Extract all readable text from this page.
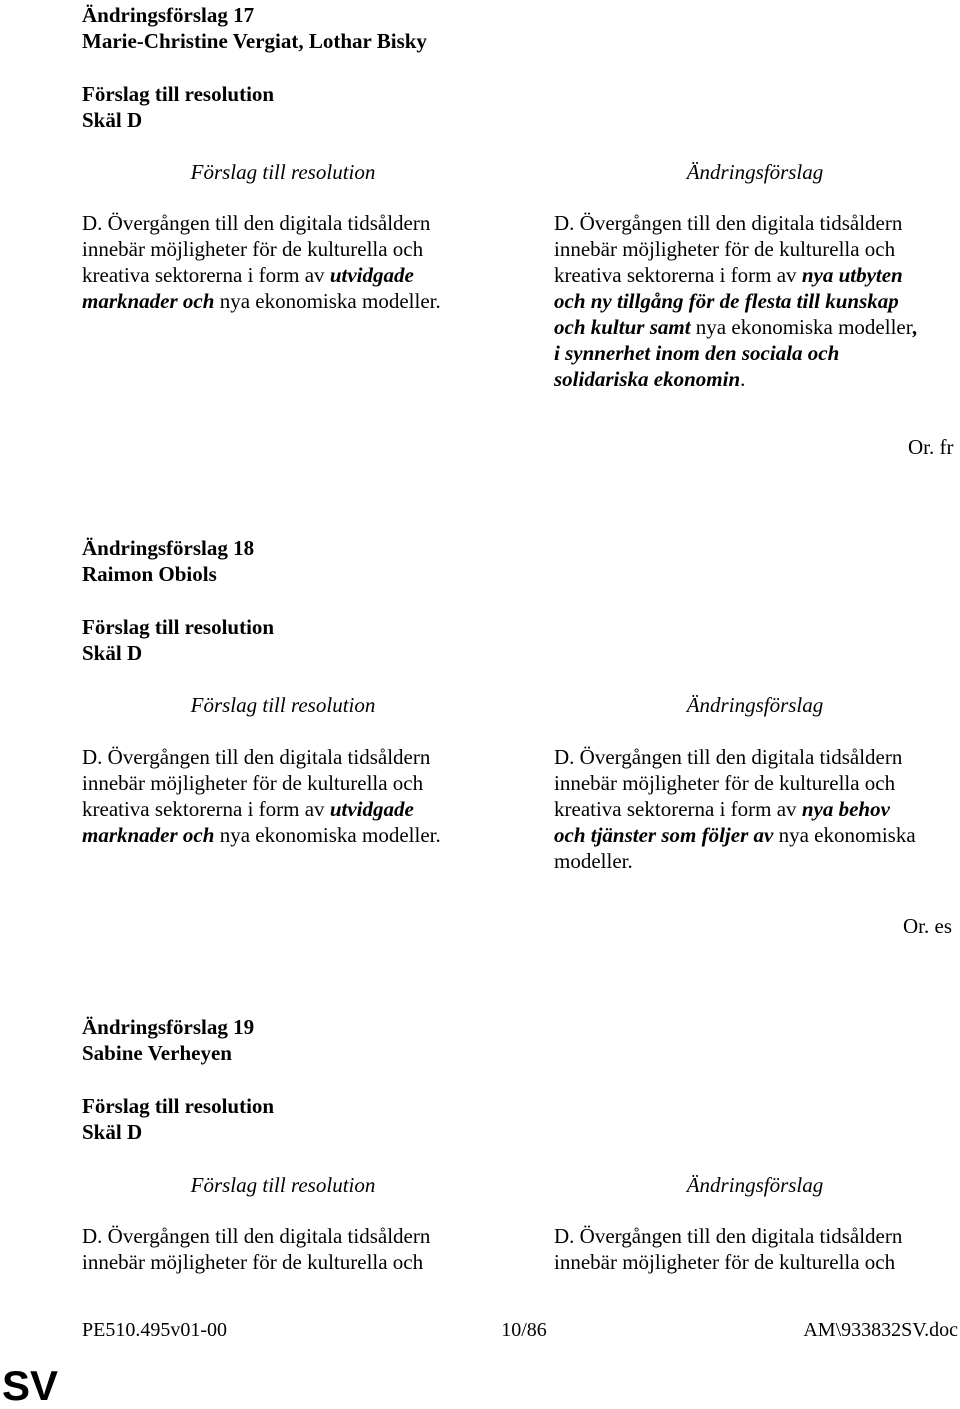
Ändringsförslag 17
Marie-Christine Vergiat, Lothar Bisky
Förslag till resolution
Skäl D
Förslag till resolution	Ändringsförslag
D. Övergången till den digitala tidsåldern
innebär möjligheter för de kulturella och
kreativa sektorerna i form av utvidgade
marknader och nya ekonomiska modeller.
D. Övergången till den digitala tidsåldern
innebär möjligheter för de kulturella och
kreativa sektorerna i form av nya utbyten
och ny tillgång för de flesta till kunskap
och kultur samt nya ekonomiska modeller,
i synnerhet inom den sociala och
solidariska ekonomin.
Or. fr
Ändringsförslag 18
Raimon Obiols
Förslag till resolution
Skäl D
Förslag till resolution	Ändringsförslag
D. Övergången till den digitala tidsåldern
innebär möjligheter för de kulturella och
kreativa sektorerna i form av utvidgade
marknader och nya ekonomiska modeller.
D. Övergången till den digitala tidsåldern
innebär möjligheter för de kulturella och
kreativa sektorerna i form av nya behov
och tjänster som följer av nya ekonomiska
modeller.
Or. es
Ändringsförslag 19
Sabine Verheyen
Förslag till resolution
Skäl D
Förslag till resolution	Ändringsförslag
D. Övergången till den digitala tidsåldern
innebär möjligheter för de kulturella och
D. Övergången till den digitala tidsåldern
innebär möjligheter för de kulturella och
PE510.495v01-00	10/86	AM\933832SV.doc
SV
